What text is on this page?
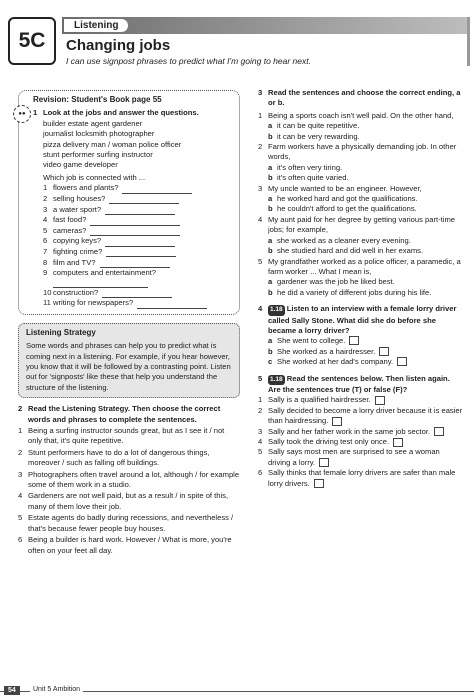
5C
Listening
Changing jobs
I can use signpost phrases to predict what I'm going to hear next.
●●
Revision: Student's Book page 55
1 Look at the jobs and answer the questions.
builder estate agent gardener
journalist locksmith photographer
pizza delivery man / woman police officer
stunt performer surfing instructor
video game developer
Which job is connected with ...
1 flowers and plants?
2 selling houses?
3 a water sport?
4 fast food?
5 cameras?
6 copying keys?
7 fighting crime?
8 film and TV?
9 computers and entertainment?
10 construction?
11 writing for newspapers?
Listening Strategy
Some words and phrases can help you to predict what is coming next in a listening. For example, if you hear however, you know that it will be followed by a contrasting point. Listen out for 'signposts' like these that help you understand the structure of the listening.
2 Read the Listening Strategy. Then choose the correct words and phrases to complete the sentences.
1 Being a surfing instructor sounds great, but as I see it / not only that, it's quite repetitive.
2 Stunt performers have to do a lot of dangerous things, moreover / such as falling off buildings.
3 Photographers often travel around a lot, although / for example some of them work in a studio.
4 Gardeners are not well paid, but as a result / in spite of this, many of them love their job.
5 Estate agents do badly during recessions, and nevertheless / that's because fewer people buy houses.
6 Being a builder is hard work. However / What is more, you're often on your feet all day.
3 Read the sentences and choose the correct ending, a or b.
1 Being a sports coach isn't well paid. On the other hand,
a it can be quite repetitive.
b it can be very rewarding.
2 Farm workers have a physically demanding job. In other words,
a it's often very tiring.
b it's often quite varied.
3 My uncle wanted to be an engineer. However,
a he worked hard and got the qualifications.
b he couldn't afford to get the qualifications.
4 My aunt paid for her degree by getting various part-time jobs; for example,
a she worked as a cleaner every evening.
b she studied hard and did well in her exams.
5 My grandfather worked as a police officer, a paramedic, a farm worker ... What I mean is,
a gardener was the job he liked best.
b he did a variety of different jobs during his life.
4	1.18 Listen to an interview with a female lorry driver called Sally Stone. What did she do before she became a lorry driver?
a She went to college.
b She worked as a hairdresser.
c She worked at her dad's company.
5	1.18 Read the sentences below. Then listen again. Are the sentences true (T) or false (F)?
1 Sally is a qualified hairdresser.
2 Sally decided to become a lorry driver because it is easier than hairdressing.
3 Sally and her father work in the same job sector.
4 Sally took the driving test only once.
5 Sally says most men are surprised to see a woman driving a lorry.
6 Sally thinks that female lorry drivers are safer than male lorry drivers.
54	Unit 5 Ambition
